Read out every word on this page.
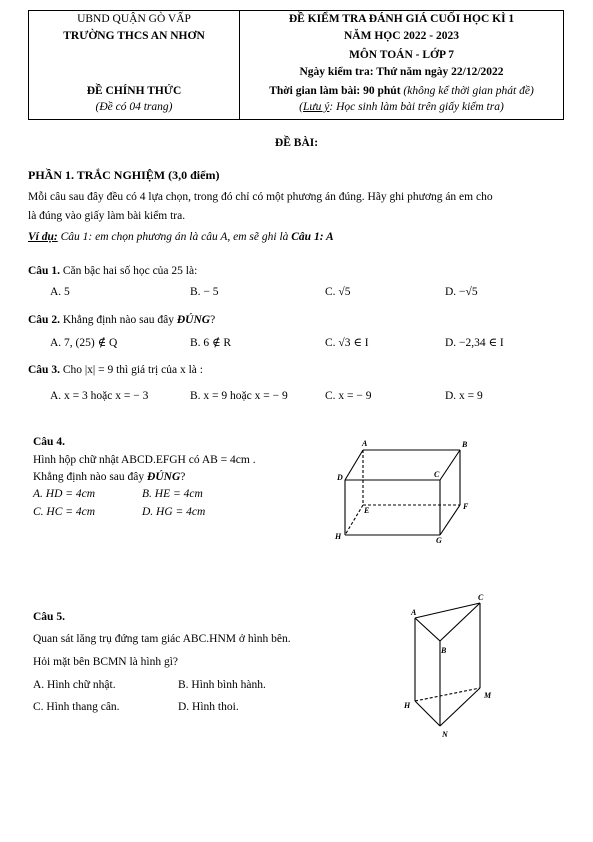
UBND QUẬN GÒ VẤP
TRƯỜNG THCS AN NHƠN
ĐỀ CHÍNH THỨC
(Đề có 04 trang)
ĐỀ KIỂM TRA ĐÁNH GIÁ CUỐI HỌC KÌ 1
NĂM HỌC 2022 - 2023
MÔN TOÁN - LỚP 7
Ngày kiểm tra: Thứ năm ngày 22/12/2022
Thời gian làm bài: 90 phút (không kể thời gian phát đề)
(Lưu ý: Học sinh làm bài trên giấy kiểm tra)
ĐỀ BÀI:
PHẦN 1. TRẮC NGHIỆM (3,0 điểm)
Mỗi câu sau đây đều có 4 lựa chọn, trong đó chỉ có một phương án đúng. Hãy ghi phương án em cho
là đúng vào giấy làm bài kiểm tra.
Ví dụ: Câu 1: em chọn phương án là câu A, em sẽ ghi là Câu 1: A
Câu 1. Căn bậc hai số học của 25 là:
A. 5	B. − 5	C. √5	D. −√5
Câu 2. Khẳng định nào sau đây ĐÚNG?
A. 7, (25) ∉ Q	B. 6 ∉ R	C. √3 ∈ I	D. −2,34 ∈ I
Câu 3. Cho |x| = 9 thì giá trị của x là :
A. x = 3 hoặc x = − 3	B. x = 9 hoặc x = − 9	C. x = − 9	D. x = 9
Câu 4.
Hình hộp chữ nhật ABCD.EFGH có AB = 4cm .
Khẳng định nào sau đây ĐÚNG?
A. HD = 4cm	B. HE = 4cm
C. HC = 4cm	D. HG = 4cm
A	B
D	C
E	F
H	G
Câu 5.
Quan sát lăng trụ đứng tam giác ABC.HNM ở hình bên.
Hỏi mặt bên BCMN là hình gì?
A. Hình chữ nhật.	B. Hình bình hành.
C. Hình thang cân.	D. Hình thoi.
C
A
B
M
H
N
